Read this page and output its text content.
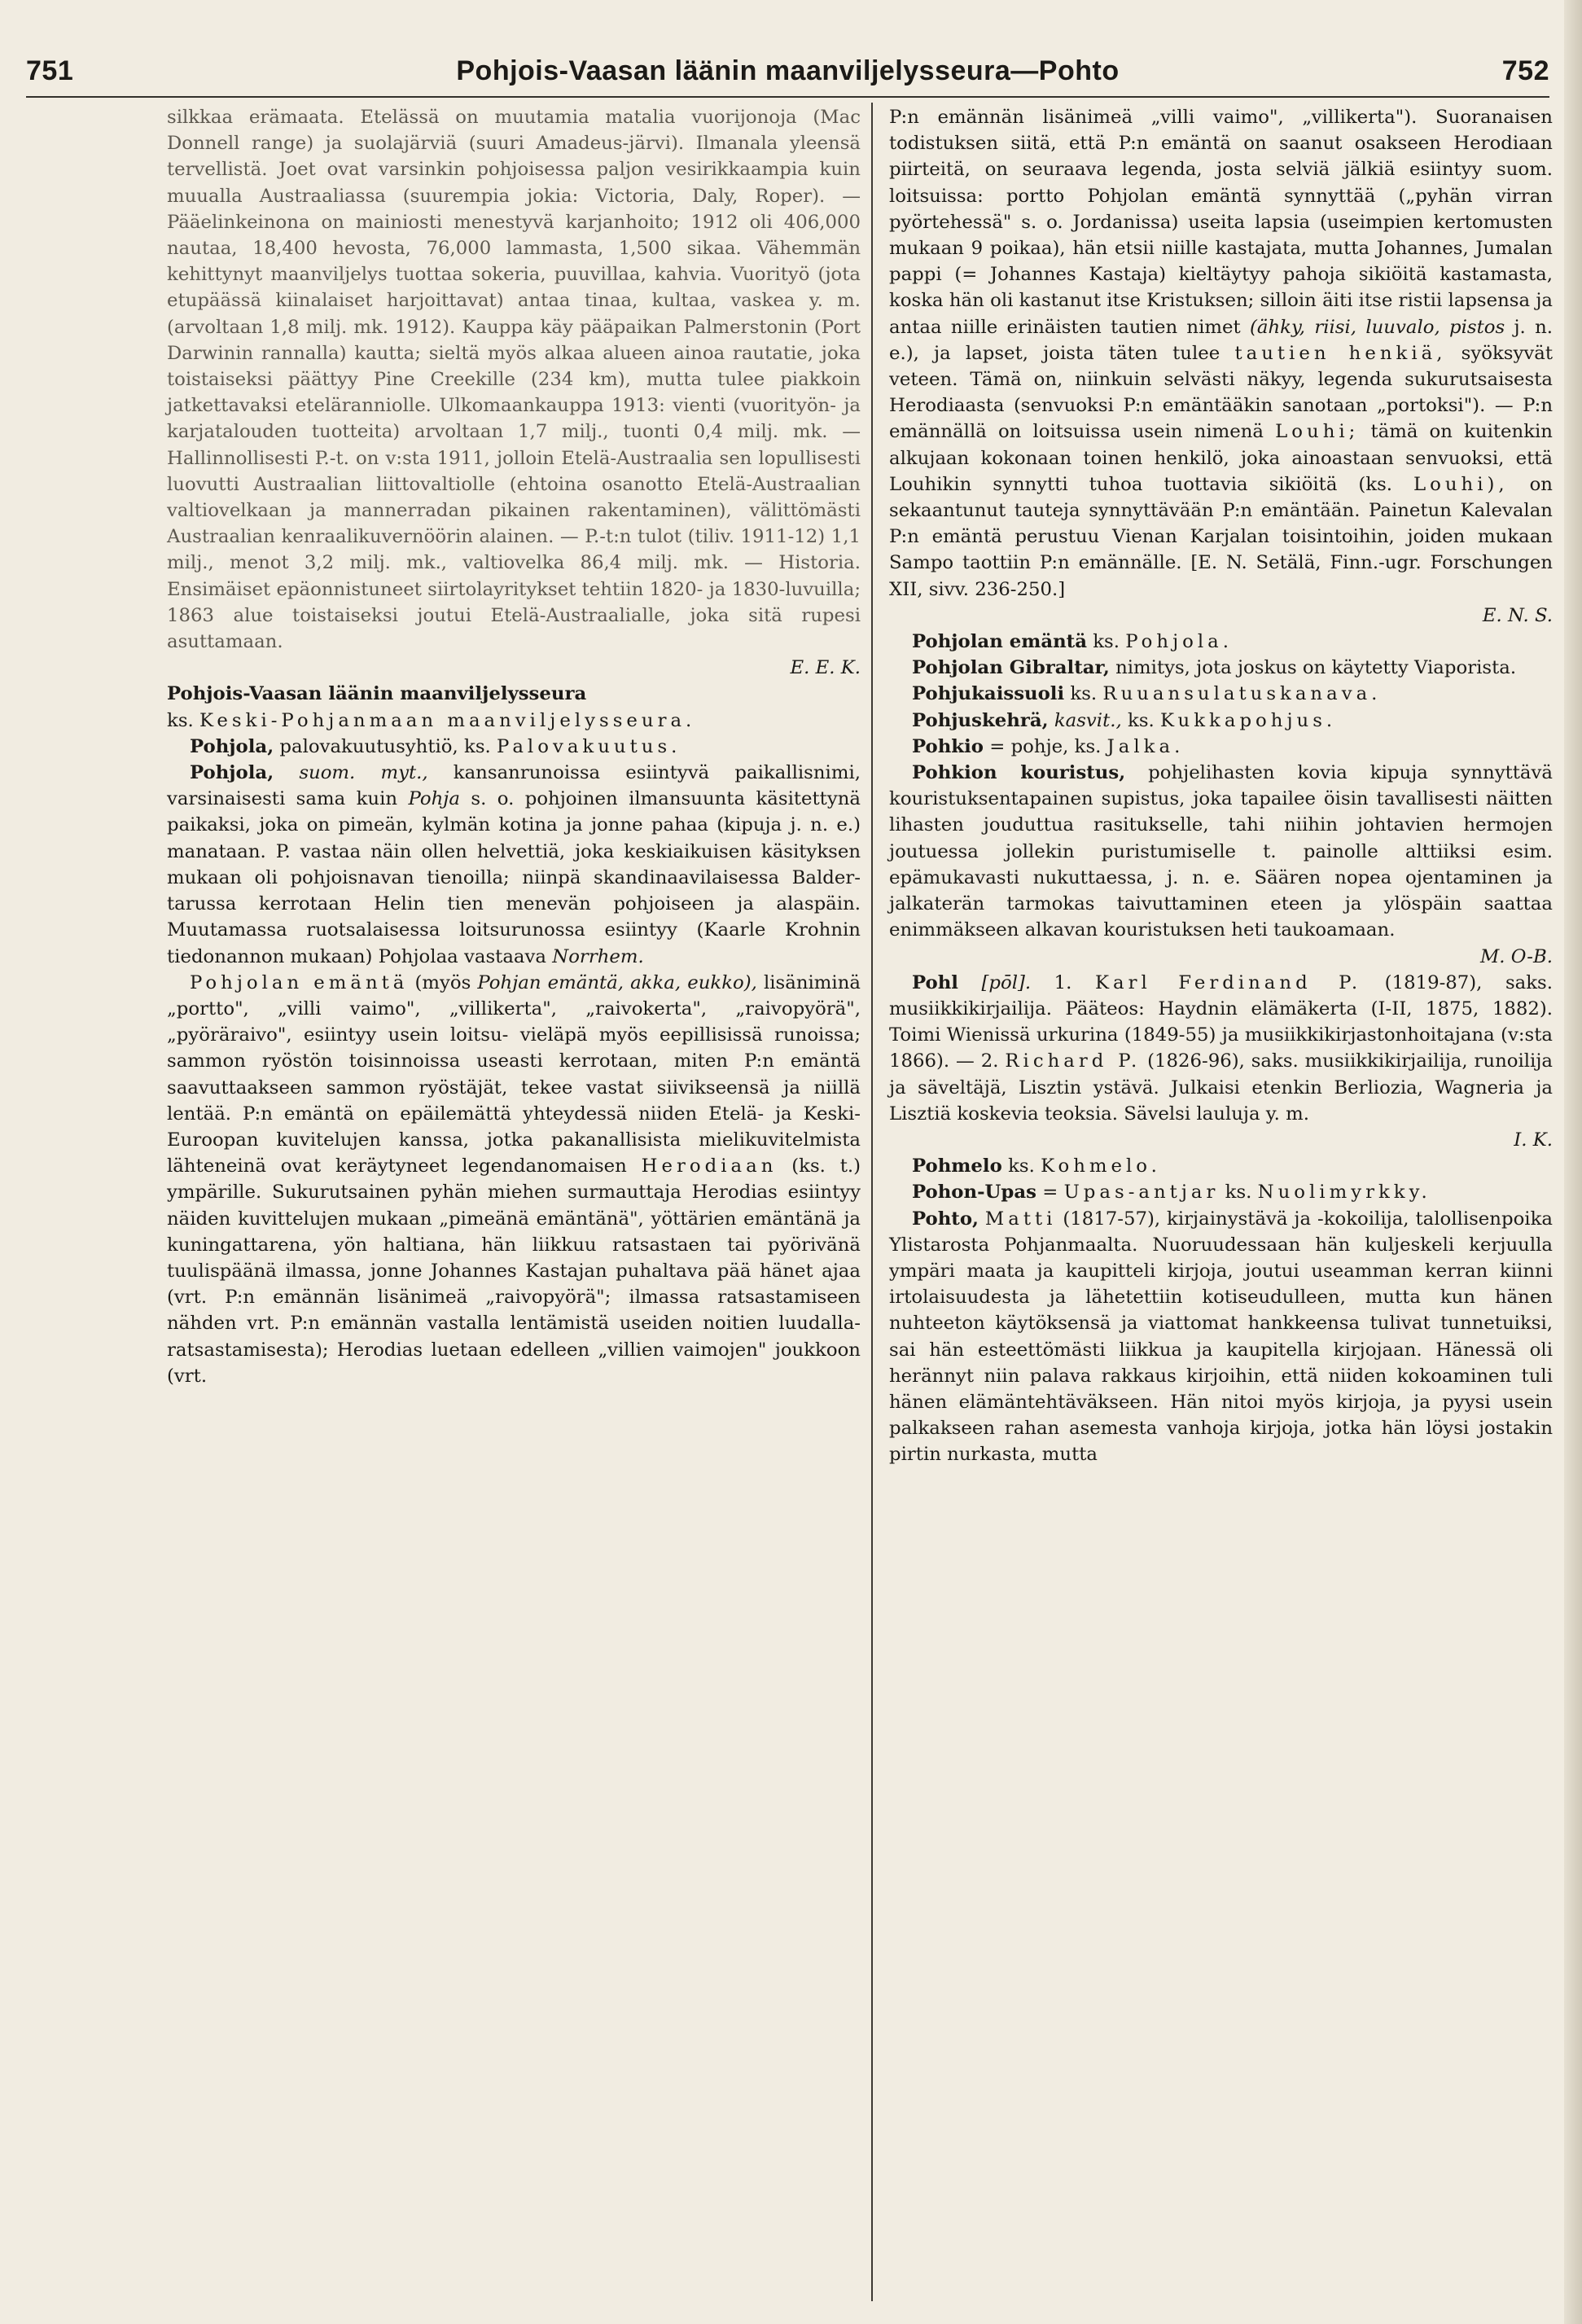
751	Pohjois-Vaasan läänin maanviljelysseura—Pohto	752

silkkaa erämaata. Etelässä on muutamia matalia vuorijonoja (Mac Donnell range) ja suolajärviä (suuri Amadeus-järvi). Ilmanala yleensä tervellistä. Joet ovat varsinkin pohjoisessa paljon vesirikkaampia kuin muualla Austraaliassa (suurempia jokia: Victoria, Daly, Roper). — Pääelinkeinona on mainiosti menestyvä karjanhoito; 1912 oli 406,000 nautaa, 18,400 hevosta, 76,000 lammasta, 1,500 sikaa. Vähemmän kehittynyt maanviljelys tuottaa sokeria, puuvillaa, kahvia. Vuorityö (jota etupäässä kiinalaiset harjoittavat) antaa tinaa, kultaa, vaskea y. m. (arvoltaan 1,8 milj. mk. 1912). Kauppa käy pääpaikan Palmerstonin (Port Darwinin rannalla) kautta; sieltä myös alkaa alueen ainoa rautatie, joka toistaiseksi päättyy Pine Creekille (234 km), mutta tulee piakkoin jatkettavaksi eteläranniolle. Ulkomaankauppa 1913: vienti (vuorityön- ja karjatalouden tuotteita) arvoltaan 1,7 milj., tuonti 0,4 milj. mk. — Hallinnollisesti P.-t. on v:sta 1911, jolloin Etelä-Austraalia sen lopullisesti luovutti Austraalian liittovaltiolle (ehtoina osanotto Etelä-Austraalian valtiovelkaan ja mannerradan pikainen rakentaminen), välittömästi Austraalian kenraalikuvernöörin alainen. — P.-t:n tulot (tiliv. 1911-12) 1,1 milj., menot 3,2 milj. mk., valtiovelka 86,4 milj. mk. — Historia. Ensimäiset epäonnistuneet siirtolayritykset tehtiin 1820- ja 1830-luvuilla; 1863 alue toistaiseksi joutui Etelä-Austraalialle, joka sitä rupesi asuttamaan.

E. E. K.

Pohjois-Vaasan läänin maanviljelysseura
ks. Keski-Pohjanmaan maanviljelysseura.

Pohjola, palovakuutusyhtiö, ks. Palovakuutus.

Pohjola, suom. myt., kansanrunoissa esiintyvä paikallisnimi, varsinaisesti sama kuin Pohja s. o. pohjoinen ilmansuunta käsitettynä paikaksi, joka on pimeän, kylmän kotina ja jonne pahaa (kipuja j. n. e.) manataan. P. vastaa näin ollen helvettiä, joka keskiaikuisen käsityksen mukaan oli pohjoisnavan tienoilla; niinpä skandinaavilaisessa Balder-tarussa kerrotaan Helin tien menevän pohjoiseen ja alaspäin. Muutamassa ruotsalaisessa loitsurunossa esiintyy (Kaarle Krohnin tiedonannon mukaan) Pohjolaa vastaava Norrhem.

Pohjolan emäntä (myös Pohjan emäntä, akka, eukko), lisäniminä „portto", „villi vaimo", „villikerta", „raivokerta", „raivopyörä", „pyöräraivo", esiintyy usein loitsu- vieläpä myös eepillisissä runoissa; sammon ryöstön toisinnoissa useasti kerrotaan, miten P:n emäntä saavuttaakseen sammon ryöstäjät, tekee vastat siivikseensä ja niillä lentää. P:n emäntä on epäilemättä yhteydessä niiden Etelä- ja Keski-Euroopan kuvitelujen kanssa, jotka pakanallisista mielikuvitelmista lähteneinä ovat keräytyneet legendanomaisen Herodiaan (ks. t.) ympärille. Sukurutsainen pyhän miehen surmauttaja Herodias esiintyy näiden kuvittelujen mukaan „pimeänä emäntänä", yöttärien emäntänä ja kuningattarena, yön haltiana, hän liikkuu ratsastaen tai pyörivänä tuulispäänä ilmassa, jonne Johannes Kastajan puhaltava pää hänet ajaa (vrt. P:n emännän lisänimeä „raivopyörä"; ilmassa ratsastamiseen nähden vrt. P:n emännän vastalla lentämistä useiden noitien luudalla-ratsastamisesta); Herodias luetaan edelleen „villien vaimojen" joukkoon (vrt.

P:n emännän lisänimeä „villi vaimo", „villikerta"). Suoranaisen todistuksen siitä, että P:n emäntä on saanut osakseen Herodiaan piirteitä, on seuraava legenda, josta selviä jälkiä esiintyy suom. loitsuissa: portto Pohjolan emäntä synnyttää („pyhän virran pyörtehessä" s. o. Jordanissa) useita lapsia (useimpien kertomusten mukaan 9 poikaa), hän etsii niille kastajata, mutta Johannes, Jumalan pappi (= Johannes Kastaja) kieltäytyy pahoja sikiöitä kastamasta, koska hän oli kastanut itse Kristuksen; silloin äiti itse ristii lapsensa ja antaa niille erinäisten tautien nimet (ähky, riisi, luuvalo, pistos j. n. e.), ja lapset, joista täten tulee tautien henkiä, syöksyvät veteen. Tämä on, niinkuin selvästi näkyy, legenda sukurutsaisesta Herodiaasta (senvuoksi P:n emäntääkin sanotaan „portoksi"). — P:n emännällä on loitsuissa usein nimenä Louhi; tämä on kuitenkin alkujaan kokonaan toinen henkilö, joka ainoastaan senvuoksi, että Louhikin synnytti tuhoa tuottavia sikiöitä (ks. Louhi), on sekaantunut tauteja synnyttävään P:n emäntään. Painetun Kalevalan P:n emäntä perustuu Vienan Karjalan toisintoihin, joiden mukaan Sampo taottiin P:n emännälle. [E. N. Setälä, Finn.-ugr. Forschungen XII, sivv. 236-250.]

E. N. S.

Pohjolan emäntä ks. Pohjola.

Pohjolan Gibraltar, nimitys, jota joskus on käytetty Viaporista.

Pohjukaissuoli ks. Ruuansulatuskanava.

Pohjuskehrä, kasvit., ks. Kukkapohjus.

Pohkio = pohje, ks. Jalka.

Pohkion kouristus, pohjelihasten kovia kipuja synnyttävä kouristuksentapainen supistus, joka tapailee öisin tavallisesti näitten lihasten jouduttua rasitukselle, tahi niihin johtavien hermojen joutuessa jollekin puristumiselle t. painolle alttiiksi esim. epämukavasti nukuttaessa, j. n. e. Säären nopea ojentaminen ja jalkaterän tarmokas taivuttaminen eteen ja ylöspäin saattaa enimmäkseen alkavan kouristuksen heti taukoamaan.

M. O-B.

Pohl [pōl]. 1. Karl Ferdinand P. (1819-87), saks. musiikkikirjailija. Pääteos: Haydnin elämäkerta (I-II, 1875, 1882). Toimi Wienissä urkurina (1849-55) ja musiikkikirjastonhoitajana (v:sta 1866). — 2. Richard P. (1826-96), saks. musiikkikirjailija, runoilija ja säveltäjä, Lisztin ystävä. Julkaisi etenkin Berliozia, Wagneria ja Lisztiä koskevia teoksia. Sävelsi lauluja y. m.

I. K.

Pohmelo ks. Kohmelo.

Pohon-Upas = Upas-antjar ks. Nuolimyrkky.

Pohto, Matti (1817-57), kirjainystävä ja -kokoilija, talollisenpoika Ylistarosta Pohjanmaalta. Nuoruudessaan hän kuljeskeli kerjuulla ympäri maata ja kaupitteli kirjoja, joutui useamman kerran kiinni irtolaisuudesta ja lähetettiin kotiseudulleen, mutta kun hänen nuhteeton käytöksensä ja viattomat hankkeensa tulivat tunnetuiksi, sai hän esteettömästi liikkua ja kaupitella kirjojaan. Hänessä oli herännyt niin palava rakkaus kirjoihin, että niiden kokoaminen tuli hänen elämäntehtäväkseen. Hän nitoi myös kirjoja, ja pyysi usein palkakseen rahan asemesta vanhoja kirjoja, jotka hän löysi jostakin pirtin nurkasta, mutta
